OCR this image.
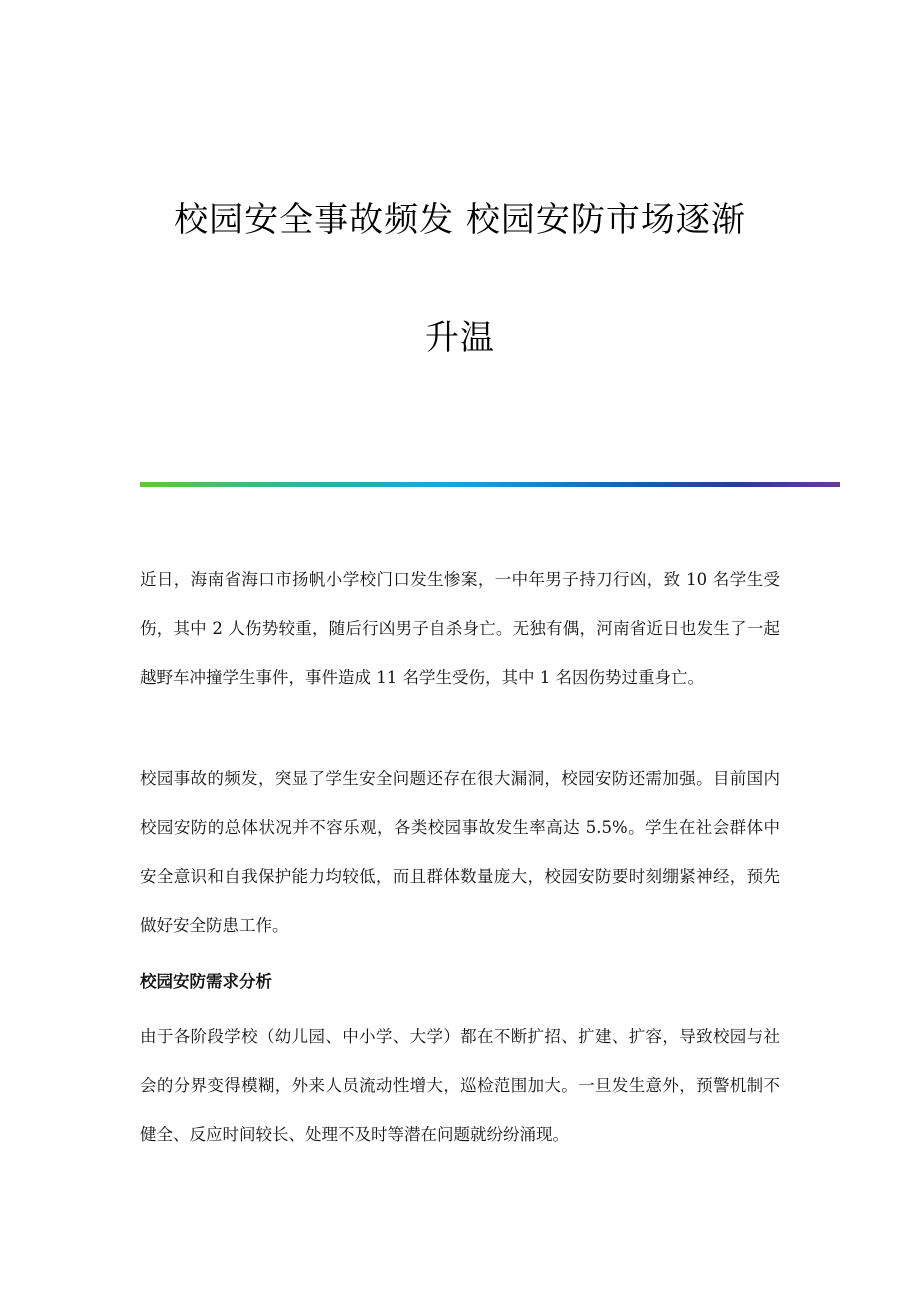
校园安全事故频发 校园安防市场逐渐
升温

近日，海南省海口市扬帆小学校门口发生惨案，一中年男子持刀行凶，致 10 名学生受伤，其中 2 人伤势较重，随后行凶男子自杀身亡。无独有偶，河南省近日也发生了一起越野车冲撞学生事件，事件造成 11 名学生受伤，其中 1 名因伤势过重身亡。

校园事故的频发，突显了学生安全问题还存在很大漏洞，校园安防还需加强。目前国内校园安防的总体状况并不容乐观，各类校园事故发生率高达 5.5%。学生在社会群体中安全意识和自我保护能力均较低，而且群体数量庞大，校园安防要时刻绷紧神经，预先做好安全防患工作。

校园安防需求分析

由于各阶段学校（幼儿园、中小学、大学）都在不断扩招、扩建、扩容，导致校园与社会的分界变得模糊，外来人员流动性增大，巡检范围加大。一旦发生意外，预警机制不健全、反应时间较长、处理不及时等潜在问题就纷纷涌现。
